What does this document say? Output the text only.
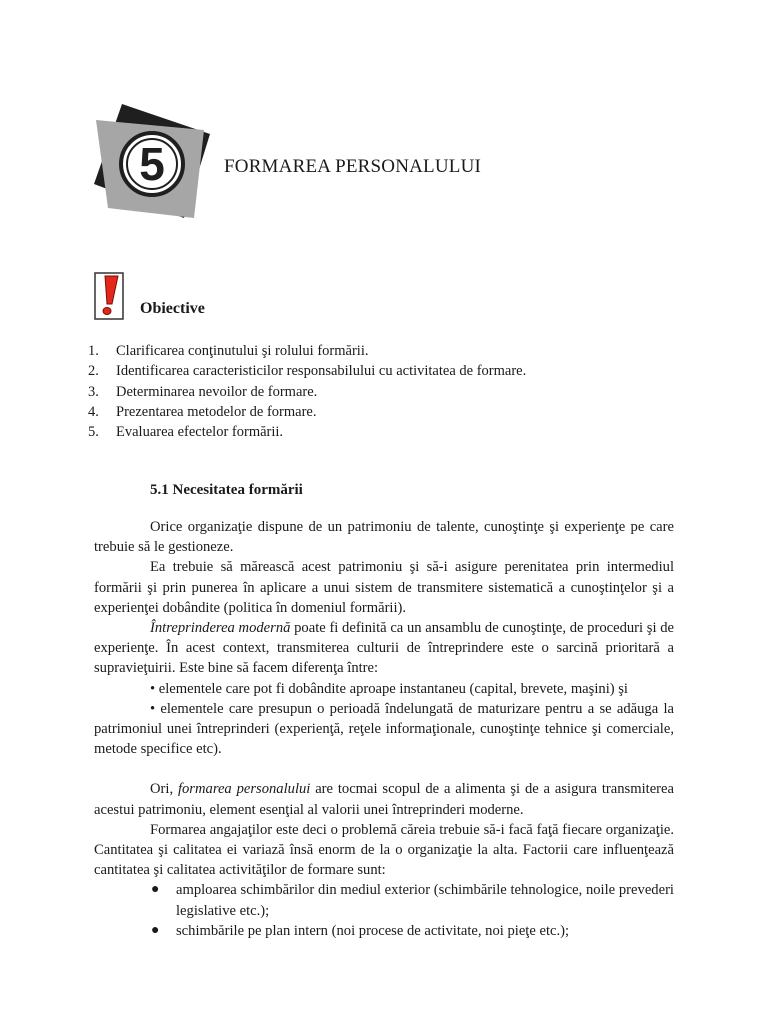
5	FORMAREA PERSONALULUI
Obiective
1.	Clarificarea conţinutului şi rolului formării.
2.	Identificarea caracteristicilor responsabilului cu activitatea de formare.
3.	Determinarea nevoilor de formare.
4.	Prezentarea metodelor de formare.
5.	Evaluarea efectelor formării.
5.1 Necesitatea formării

Orice organizaţie dispune de un patrimoniu de talente, cunoştinţe şi experienţe pe care trebuie să le gestioneze.

Ea trebuie să mărească acest patrimoniu şi să-i asigure perenitatea prin intermediul formării şi prin punerea în aplicare a unui sistem de transmitere sistematică a cunoştinţelor şi a experienţei dobândite (politica în domeniul formării).

Întreprinderea modernă poate fi definită ca un ansamblu de cunoştinţe, de proceduri şi de experienţe. În acest context, transmiterea culturii de întreprindere este o sarcină prioritară a supravieţuirii. Este bine să facem diferenţa între:

• elementele care pot fi dobândite aproape instantaneu (capital, brevete, maşini) şi

• elementele care presupun o perioadă îndelungată de maturizare pentru a se adăuga la patrimoniul unei întreprinderi (experienţă, reţele informaţionale, cunoştinţe tehnice şi comerciale, metode specifice etc).

Ori, formarea personalului are tocmai scopul de a alimenta şi de a asigura transmiterea acestui patrimoniu, element esenţial al valorii unei întreprinderi moderne.

Formarea angajaţilor este deci o problemă căreia trebuie să-i facă faţă fiecare organizaţie. Cantitatea şi calitatea ei variază însă enorm de la o organizaţie la alta. Factorii care influenţează cantitatea şi calitatea activităţilor de formare sunt:

● amploarea schimbărilor din mediul exterior (schimbările tehnologice, noile prevederi legislative etc.);
● schimbările pe plan intern (noi procese de activitate, noi pieţe etc.);
